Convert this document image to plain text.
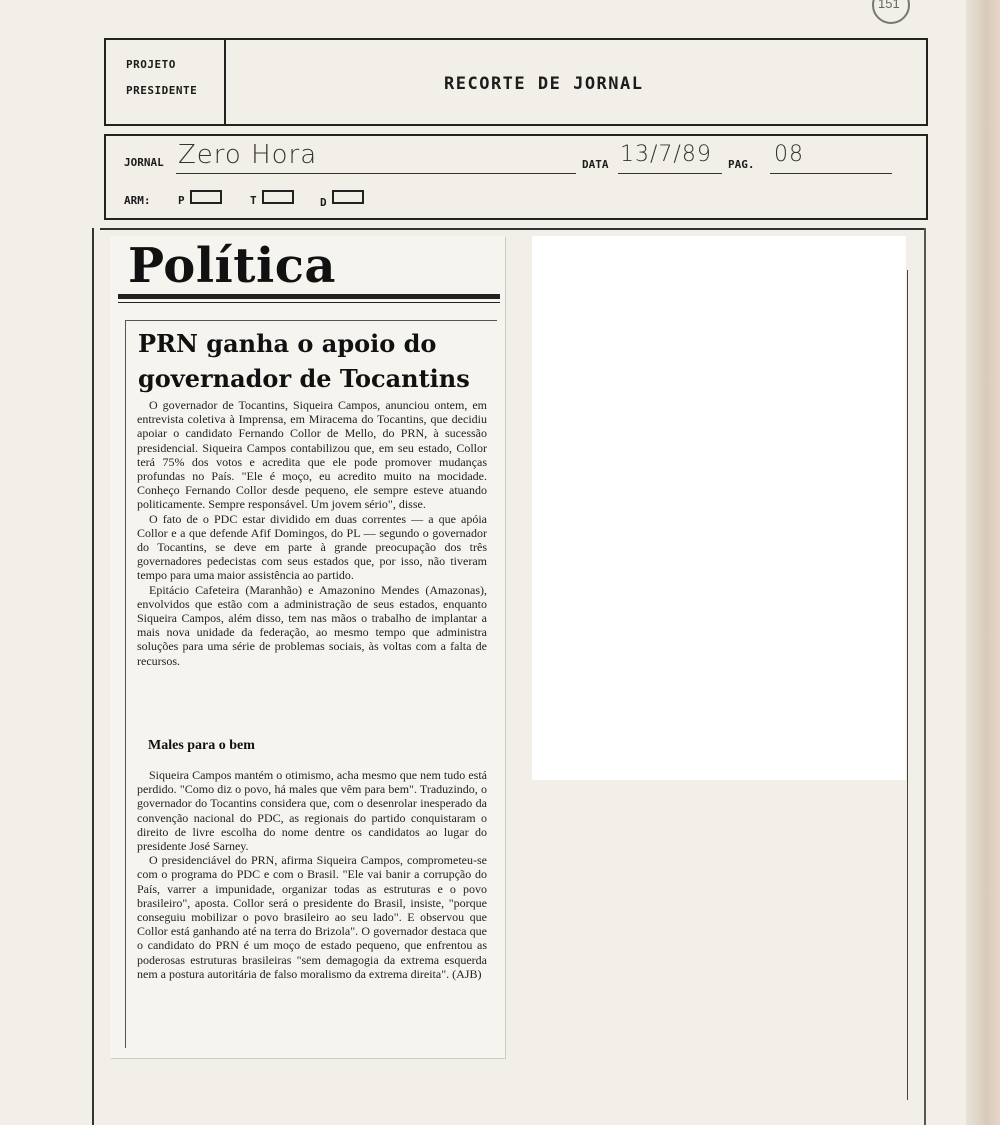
151
PROJETO
PRESIDENTE	RECORTE DE JORNAL
JORNAL Zero Hora	DATA 13/7/89 PAG. 08
ARM:	P	T	D
Política
PRN ganha o apoio do governador de Tocantins

O governador de Tocantins, Siqueira Campos, anunciou ontem, em entrevista coletiva à Imprensa, em Miracema do Tocantins, que decidiu apoiar o candidato Fernando Collor de Mello, do PRN, à sucessão presidencial. Siqueira Campos contabilizou que, em seu estado, Collor terá 75% dos votos e acredita que ele pode promover mudanças profundas no País. "Ele é moço, eu acredito muito na mocidade. Conheço Fernando Collor desde pequeno, ele sempre esteve atuando politicamente. Sempre responsável. Um jovem sério", disse.

O fato de o PDC estar dividido em duas correntes — a que apóia Collor e a que defende Afif Domingos, do PL — segundo o governador do Tocantins, se deve em parte à grande preocupação dos três governadores pedecistas com seus estados que, por isso, não tiveram tempo para uma maior assistência ao partido.

Epitácio Cafeteira (Maranhão) e Amazonino Mendes (Amazonas), envolvidos que estão com a administração de seus estados, enquanto Siqueira Campos, além disso, tem nas mãos o trabalho de implantar a mais nova unidade da federação, ao mesmo tempo que administra soluções para uma série de problemas sociais, às voltas com a falta de recursos.

Males para o bem

Siqueira Campos mantém o otimismo, acha mesmo que nem tudo está perdido. "Como diz o povo, há males que vêm para bem". Traduzindo, o governador do Tocantins considera que, com o desenrolar inesperado da convenção nacional do PDC, as regionais do partido conquistaram o direito de livre escolha do nome dentre os candidatos ao lugar do presidente José Sarney.

O presidenciável do PRN, afirma Siqueira Campos, comprometeu-se com o programa do PDC e com o Brasil. "Ele vai banir a corrupção do País, varrer a impunidade, organizar todas as estruturas e o povo brasileiro", aposta. Collor será o presidente do Brasil, insiste, "porque conseguiu mobilizar o povo brasileiro ao seu lado". E observou que Collor está ganhando até na terra do Brizola". O governador destaca que o candidato do PRN é um moço de estado pequeno, que enfrentou as poderosas estruturas brasileiras "sem demagogia da extrema esquerda nem a postura autoritária de falso moralismo da extrema direita". (AJB)
